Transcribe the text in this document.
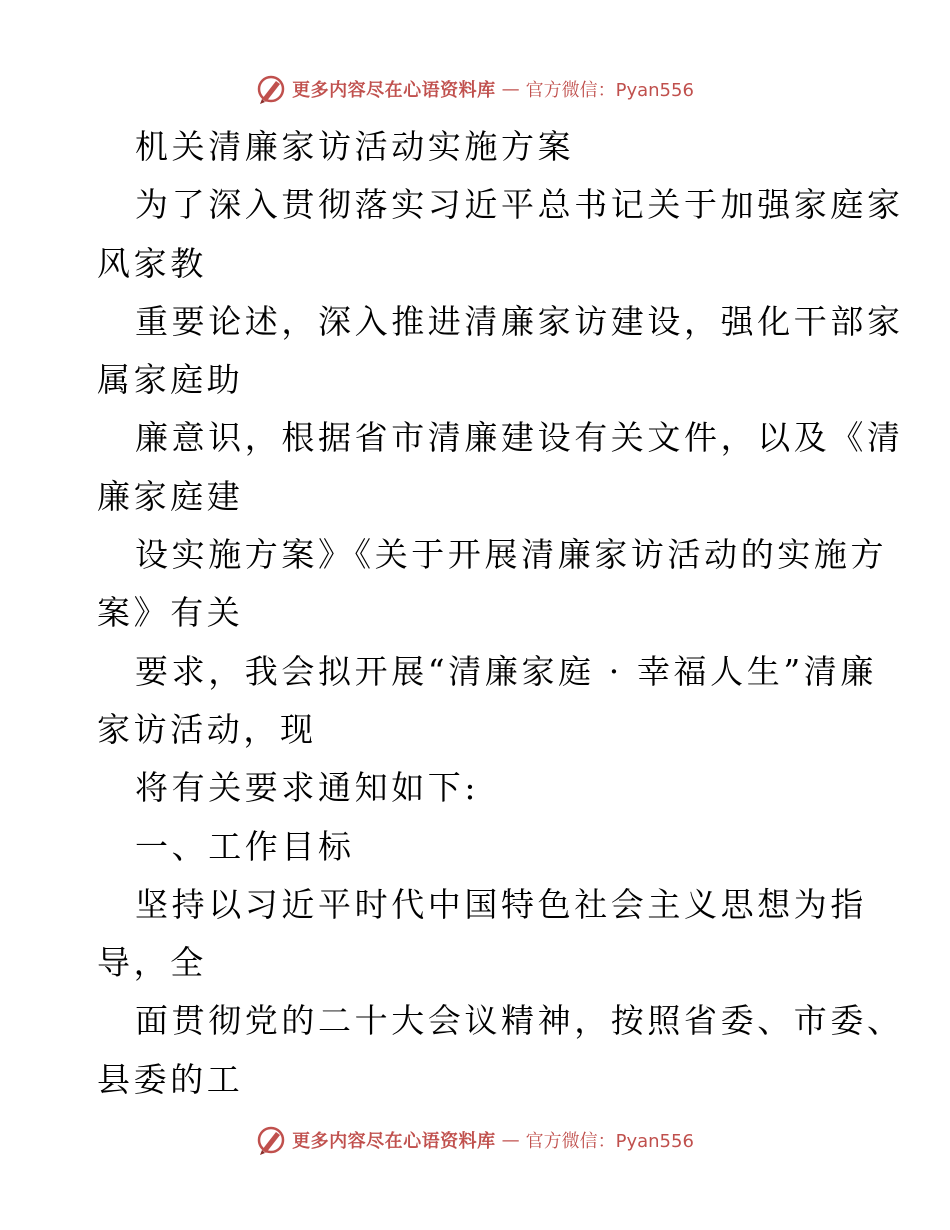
更多内容尽在心语资料库 — 官方微信：Pyan556
机关清廉家访活动实施方案
为了深入贯彻落实习近平总书记关于加强家庭家
风家教
重要论述，深入推进清廉家访建设，强化干部家
属家庭助
廉意识，根据省市清廉建设有关文件，以及《清
廉家庭建
设实施方案》《关于开展清廉家访活动的实施方
案》有关
要求，我会拟开展“清廉家庭 · 幸福人生”清廉
家访活动，现
将有关要求通知如下:
一、工作目标
坚持以习近平时代中国特色社会主义思想为指
导，全
面贯彻党的二十大会议精神，按照省委、市委、
县委的工
更多内容尽在心语资料库 — 官方微信：Pyan556
